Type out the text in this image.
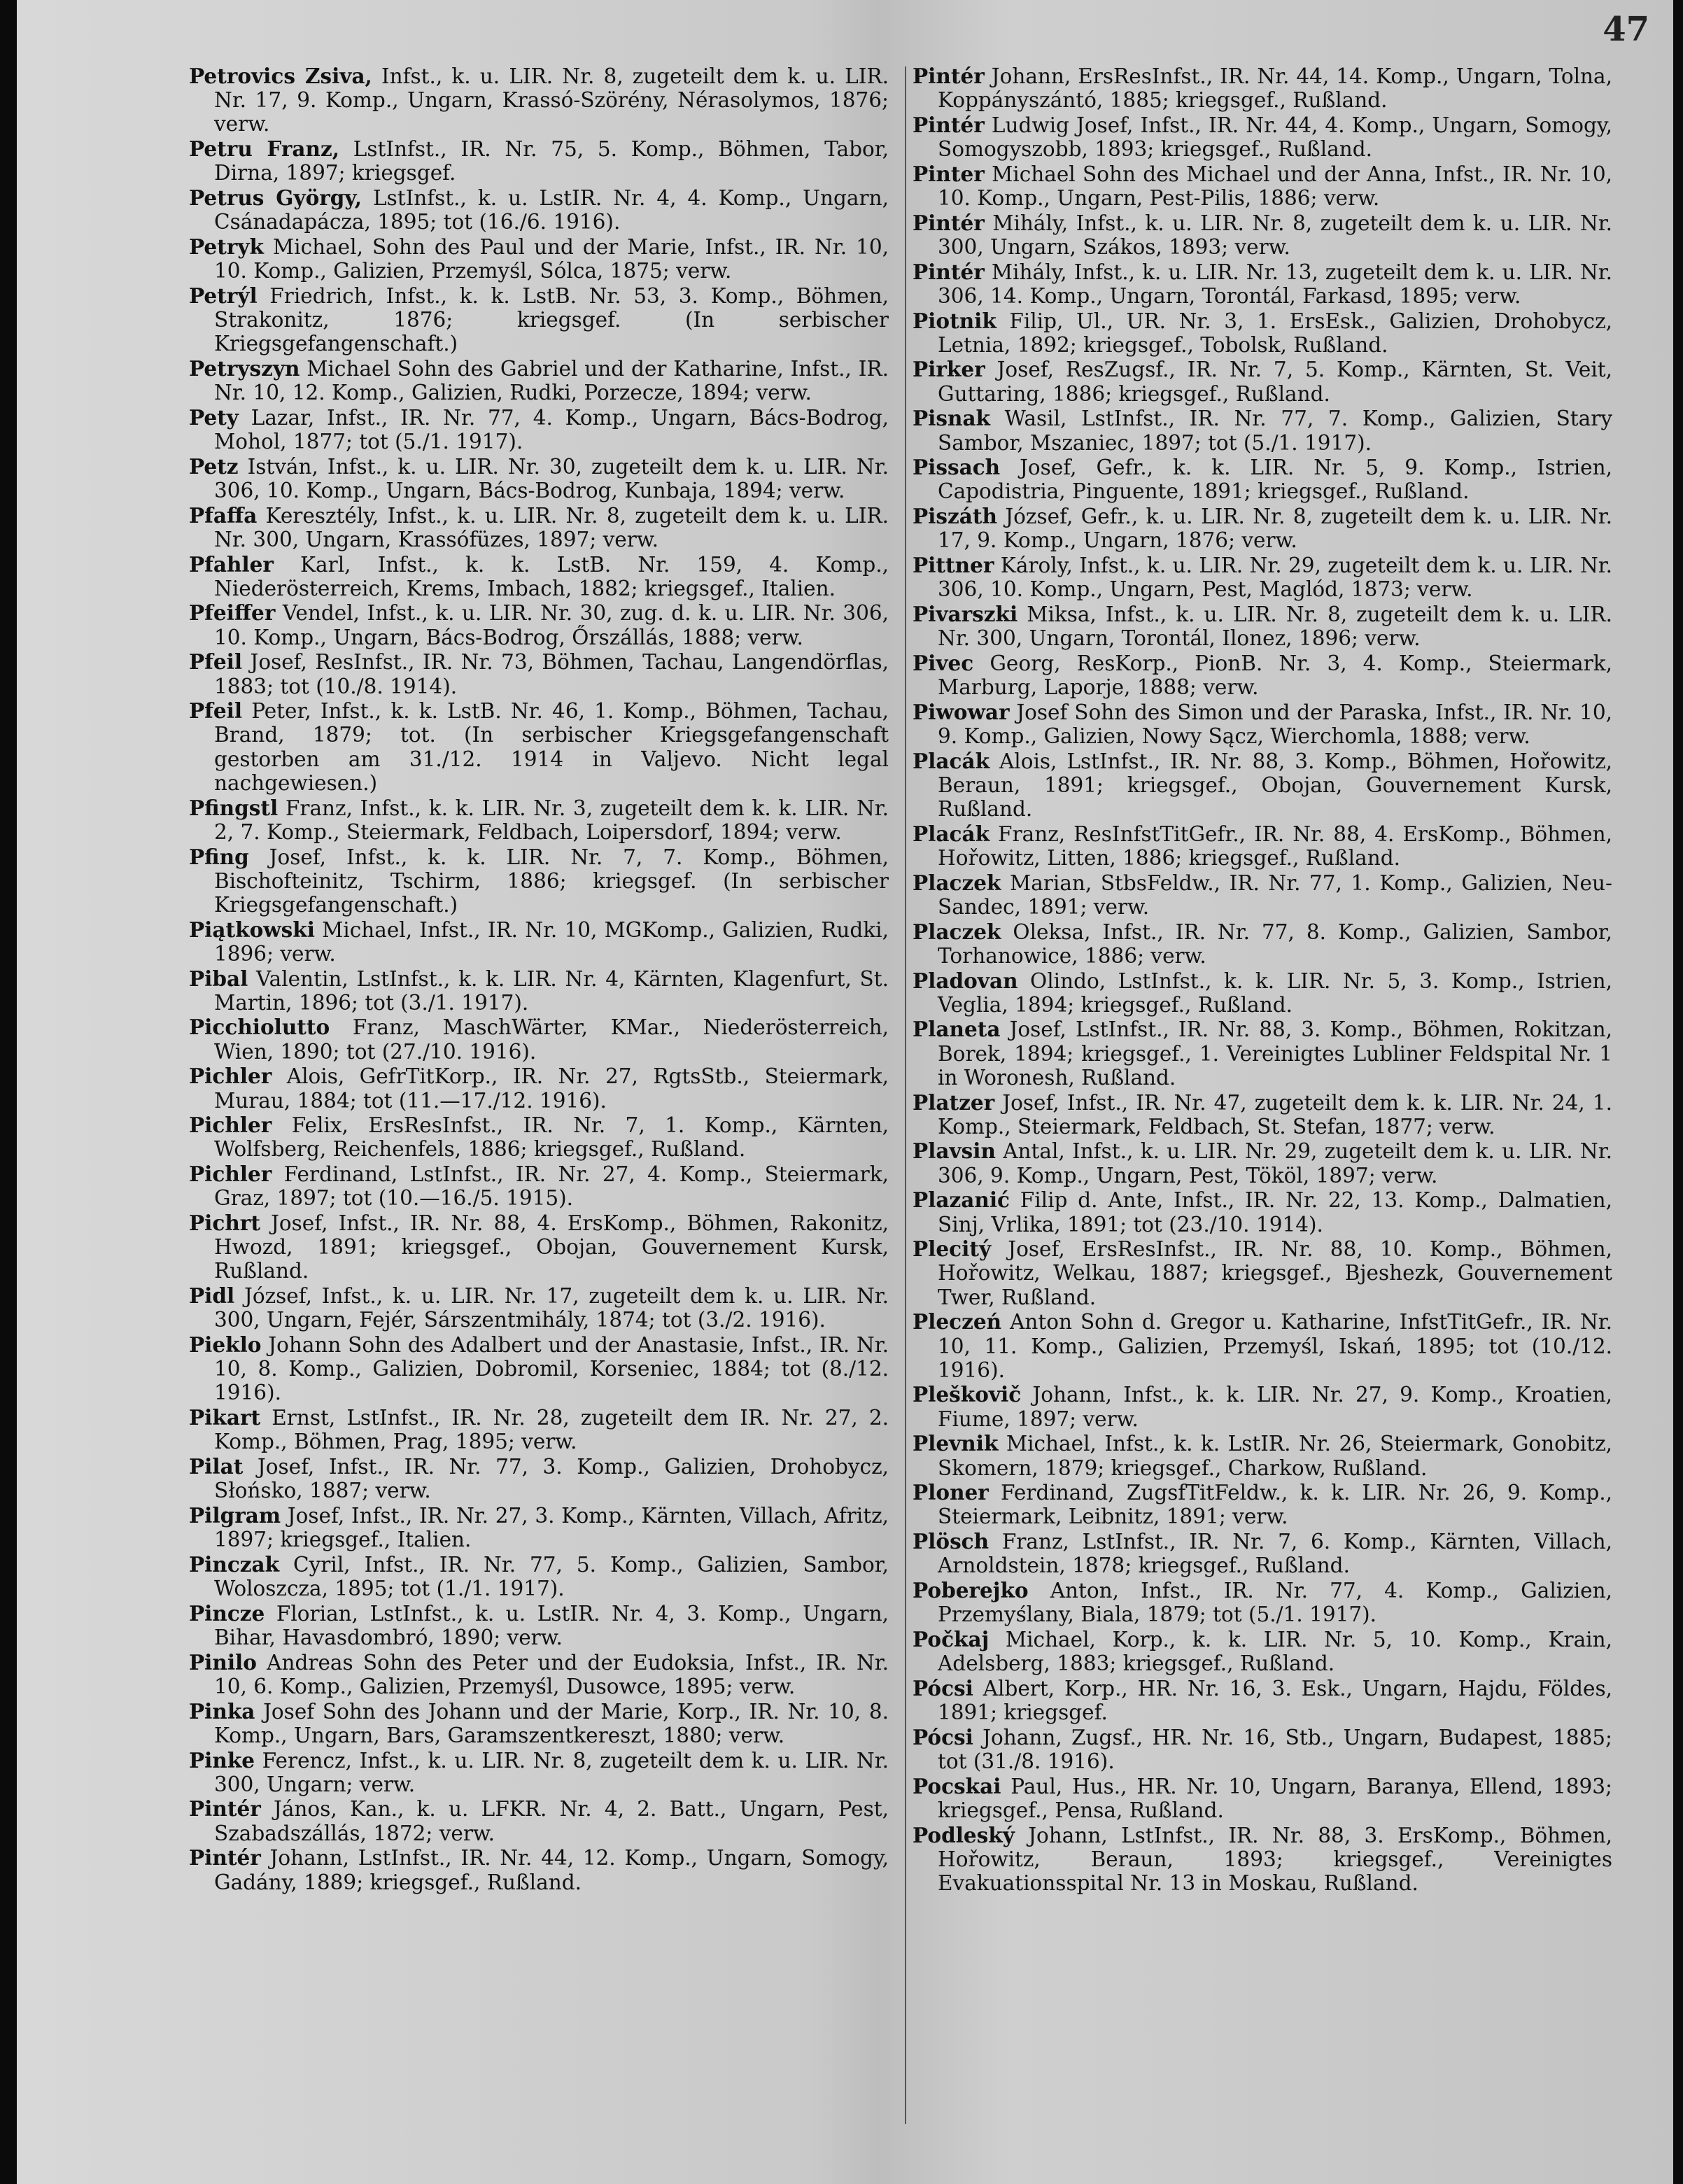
47

Petrovics Zsiva, Infst., k. u. LIR. Nr. 8, zugeteilt dem k. u. LIR. Nr. 17, 9. Komp., Ungarn, Krassó-Szörény, Nérasolymos, 1876; verw.

Petru Franz, LstInfst., IR. Nr. 75, 5. Komp., Böhmen, Tabor, Dirna, 1897; kriegsgef.

Petrus György, LstInfst., k. u. LstIR. Nr. 4, 4. Komp., Ungarn, Csánadapácza, 1895; tot (16./6. 1916).

Petryk Michael, Sohn des Paul und der Marie, Infst., IR. Nr. 10, 10. Komp., Galizien, Przemyśl, Sólca, 1875; verw.

Petrýl Friedrich, Infst., k. k. LstB. Nr. 53, 3. Komp., Böhmen, Strakonitz, 1876; kriegsgef. (In serbischer Kriegsgefangenschaft.)

Petryszyn Michael Sohn des Gabriel und der Katharine, Infst., IR. Nr. 10, 12. Komp., Galizien, Rudki, Porzecze, 1894; verw.

Pety Lazar, Infst., IR. Nr. 77, 4. Komp., Ungarn, Bács-Bodrog, Mohol, 1877; tot (5./1. 1917).

Petz István, Infst., k. u. LIR. Nr. 30, zugeteilt dem k. u. LIR. Nr. 306, 10. Komp., Ungarn, Bács-Bodrog, Kunbaja, 1894; verw.

Pfaffa Keresztély, Infst., k. u. LIR. Nr. 8, zugeteilt dem k. u. LIR. Nr. 300, Ungarn, Krassófüzes, 1897; verw.

Pfahler Karl, Infst., k. k. LstB. Nr. 159, 4. Komp., Niederösterreich, Krems, Imbach, 1882; kriegsgef., Italien.

Pfeiffer Vendel, Infst., k. u. LIR. Nr. 30, zug. d. k. u. LIR. Nr. 306, 10. Komp., Ungarn, Bács-Bodrog, Őrszállás, 1888; verw.

Pfeil Josef, ResInfst., IR. Nr. 73, Böhmen, Tachau, Langendörflas, 1883; tot (10./8. 1914).

Pfeil Peter, Infst., k. k. LstB. Nr. 46, 1. Komp., Böhmen, Tachau, Brand, 1879; tot. (In serbischer Kriegsgefangenschaft gestorben am 31./12. 1914 in Valjevo. Nicht legal nachgewiesen.)

Pfingstl Franz, Infst., k. k. LIR. Nr. 3, zugeteilt dem k. k. LIR. Nr. 2, 7. Komp., Steiermark, Feldbach, Loipersdorf, 1894; verw.

Pfing Josef, Infst., k. k. LIR. Nr. 7, 7. Komp., Böhmen, Bischofteinitz, Tschirm, 1886; kriegsgef. (In serbischer Kriegsgefangenschaft.)

Piątkowski Michael, Infst., IR. Nr. 10, MGKomp., Galizien, Rudki, 1896; verw.

Pibal Valentin, LstInfst., k. k. LIR. Nr. 4, Kärnten, Klagenfurt, St. Martin, 1896; tot (3./1. 1917).

Picchiolutto Franz, MaschWärter, KMar., Niederösterreich, Wien, 1890; tot (27./10. 1916).

Pichler Alois, GefrTitKorp., IR. Nr. 27, RgtsStb., Steiermark, Murau, 1884; tot (11.—17./12. 1916).

Pichler Felix, ErsResInfst., IR. Nr. 7, 1. Komp., Kärnten, Wolfsberg, Reichenfels, 1886; kriegsgef., Rußland.

Pichler Ferdinand, LstInfst., IR. Nr. 27, 4. Komp., Steiermark, Graz, 1897; tot (10.—16./5. 1915).

Pichrt Josef, Infst., IR. Nr. 88, 4. ErsKomp., Böhmen, Rakonitz, Hwozd, 1891; kriegsgef., Obojan, Gouvernement Kursk, Rußland.

Pidl József, Infst., k. u. LIR. Nr. 17, zugeteilt dem k. u. LIR. Nr. 300, Ungarn, Fejér, Sárszentmihály, 1874; tot (3./2. 1916).

Pieklo Johann Sohn des Adalbert und der Anastasie, Infst., IR. Nr. 10, 8. Komp., Galizien, Dobromil, Korseniec, 1884; tot (8./12. 1916).

Pikart Ernst, LstInfst., IR. Nr. 28, zugeteilt dem IR. Nr. 27, 2. Komp., Böhmen, Prag, 1895; verw.

Pilat Josef, Infst., IR. Nr. 77, 3. Komp., Galizien, Drohobycz, Słońsko, 1887; verw.

Pilgram Josef, Infst., IR. Nr. 27, 3. Komp., Kärnten, Villach, Afritz, 1897; kriegsgef., Italien.

Pinczak Cyril, Infst., IR. Nr. 77, 5. Komp., Galizien, Sambor, Woloszcza, 1895; tot (1./1. 1917).

Pincze Florian, LstInfst., k. u. LstIR. Nr. 4, 3. Komp., Ungarn, Bihar, Havasdombró, 1890; verw.

Pinilo Andreas Sohn des Peter und der Eudoksia, Infst., IR. Nr. 10, 6. Komp., Galizien, Przemyśl, Dusowce, 1895; verw.

Pinka Josef Sohn des Johann und der Marie, Korp., IR. Nr. 10, 8. Komp., Ungarn, Bars, Garamszentkereszt, 1880; verw.

Pinke Ferencz, Infst., k. u. LIR. Nr. 8, zugeteilt dem k. u. LIR. Nr. 300, Ungarn; verw.

Pintér János, Kan., k. u. LFKR. Nr. 4, 2. Batt., Ungarn, Pest, Szabadszállás, 1872; verw.

Pintér Johann, LstInfst., IR. Nr. 44, 12. Komp., Ungarn, Somogy, Gadány, 1889; kriegsgef., Rußland.

Pintér Johann, ErsResInfst., IR. Nr. 44, 14. Komp., Ungarn, Tolna, Koppányszántó, 1885; kriegsgef., Rußland.

Pintér Ludwig Josef, Infst., IR. Nr. 44, 4. Komp., Ungarn, Somogy, Somogyszobb, 1893; kriegsgef., Rußland.

Pinter Michael Sohn des Michael und der Anna, Infst., IR. Nr. 10, 10. Komp., Ungarn, Pest-Pilis, 1886; verw.

Pintér Mihály, Infst., k. u. LIR. Nr. 8, zugeteilt dem k. u. LIR. Nr. 300, Ungarn, Szákos, 1893; verw.

Pintér Mihály, Infst., k. u. LIR. Nr. 13, zugeteilt dem k. u. LIR. Nr. 306, 14. Komp., Ungarn, Torontál, Farkasd, 1895; verw.

Piotnik Filip, Ul., UR. Nr. 3, 1. ErsEsk., Galizien, Drohobycz, Letnia, 1892; kriegsgef., Tobolsk, Rußland.

Pirker Josef, ResZugsf., IR. Nr. 7, 5. Komp., Kärnten, St. Veit, Guttaring, 1886; kriegsgef., Rußland.

Pisnak Wasil, LstInfst., IR. Nr. 77, 7. Komp., Galizien, Stary Sambor, Mszaniec, 1897; tot (5./1. 1917).

Pissach Josef, Gefr., k. k. LIR. Nr. 5, 9. Komp., Istrien, Capodistria, Pinguente, 1891; kriegsgef., Rußland.

Piszáth József, Gefr., k. u. LIR. Nr. 8, zugeteilt dem k. u. LIR. Nr. 17, 9. Komp., Ungarn, 1876; verw.

Pittner Károly, Infst., k. u. LIR. Nr. 29, zugeteilt dem k. u. LIR. Nr. 306, 10. Komp., Ungarn, Pest, Maglód, 1873; verw.

Pivarszki Miksa, Infst., k. u. LIR. Nr. 8, zugeteilt dem k. u. LIR. Nr. 300, Ungarn, Torontál, Ilonez, 1896; verw.

Pivec Georg, ResKorp., PionB. Nr. 3, 4. Komp., Steiermark, Marburg, Laporje, 1888; verw.

Piwowar Josef Sohn des Simon und der Paraska, Infst., IR. Nr. 10, 9. Komp., Galizien, Nowy Sącz, Wierchomla, 1888; verw.

Placák Alois, LstInfst., IR. Nr. 88, 3. Komp., Böhmen, Hořowitz, Beraun, 1891; kriegsgef., Obojan, Gouvernement Kursk, Rußland.

Placák Franz, ResInfstTitGefr., IR. Nr. 88, 4. ErsKomp., Böhmen, Hořowitz, Litten, 1886; kriegsgef., Rußland.

Placzek Marian, StbsFeldw., IR. Nr. 77, 1. Komp., Galizien, Neu-Sandec, 1891; verw.

Placzek Oleksa, Infst., IR. Nr. 77, 8. Komp., Galizien, Sambor, Torhanowice, 1886; verw.

Pladovan Olindo, LstInfst., k. k. LIR. Nr. 5, 3. Komp., Istrien, Veglia, 1894; kriegsgef., Rußland.

Planeta Josef, LstInfst., IR. Nr. 88, 3. Komp., Böhmen, Rokitzan, Borek, 1894; kriegsgef., 1. Vereinigtes Lubliner Feldspital Nr. 1 in Woronesh, Rußland.

Platzer Josef, Infst., IR. Nr. 47, zugeteilt dem k. k. LIR. Nr. 24, 1. Komp., Steiermark, Feldbach, St. Stefan, 1877; verw.

Plavsin Antal, Infst., k. u. LIR. Nr. 29, zugeteilt dem k. u. LIR. Nr. 306, 9. Komp., Ungarn, Pest, Tököl, 1897; verw.

Plazanić Filip d. Ante, Infst., IR. Nr. 22, 13. Komp., Dalmatien, Sinj, Vrlika, 1891; tot (23./10. 1914).

Plecitý Josef, ErsResInfst., IR. Nr. 88, 10. Komp., Böhmen, Hořowitz, Welkau, 1887; kriegsgef., Bjeshezk, Gouvernement Twer, Rußland.

Pleczeń Anton Sohn d. Gregor u. Katharine, InfstTitGefr., IR. Nr. 10, 11. Komp., Galizien, Przemyśl, Iskań, 1895; tot (10./12. 1916).

Pleškovič Johann, Infst., k. k. LIR. Nr. 27, 9. Komp., Kroatien, Fiume, 1897; verw.

Plevnik Michael, Infst., k. k. LstIR. Nr. 26, Steiermark, Gonobitz, Skomern, 1879; kriegsgef., Charkow, Rußland.

Ploner Ferdinand, ZugsfTitFeldw., k. k. LIR. Nr. 26, 9. Komp., Steiermark, Leibnitz, 1891; verw.

Plösch Franz, LstInfst., IR. Nr. 7, 6. Komp., Kärnten, Villach, Arnoldstein, 1878; kriegsgef., Rußland.

Poberejko Anton, Infst., IR. Nr. 77, 4. Komp., Galizien, Przemyślany, Biala, 1879; tot (5./1. 1917).

Počkaj Michael, Korp., k. k. LIR. Nr. 5, 10. Komp., Krain, Adelsberg, 1883; kriegsgef., Rußland.

Pócsi Albert, Korp., HR. Nr. 16, 3. Esk., Ungarn, Hajdu, Földes, 1891; kriegsgef.

Pócsi Johann, Zugsf., HR. Nr. 16, Stb., Ungarn, Budapest, 1885; tot (31./8. 1916).

Pocskai Paul, Hus., HR. Nr. 10, Ungarn, Baranya, Ellend, 1893; kriegsgef., Pensa, Rußland.

Podleský Johann, LstInfst., IR. Nr. 88, 3. ErsKomp., Böhmen, Hořowitz, Beraun, 1893; kriegsgef., Vereinigtes Evakuationsspital Nr. 13 in Moskau, Rußland.
